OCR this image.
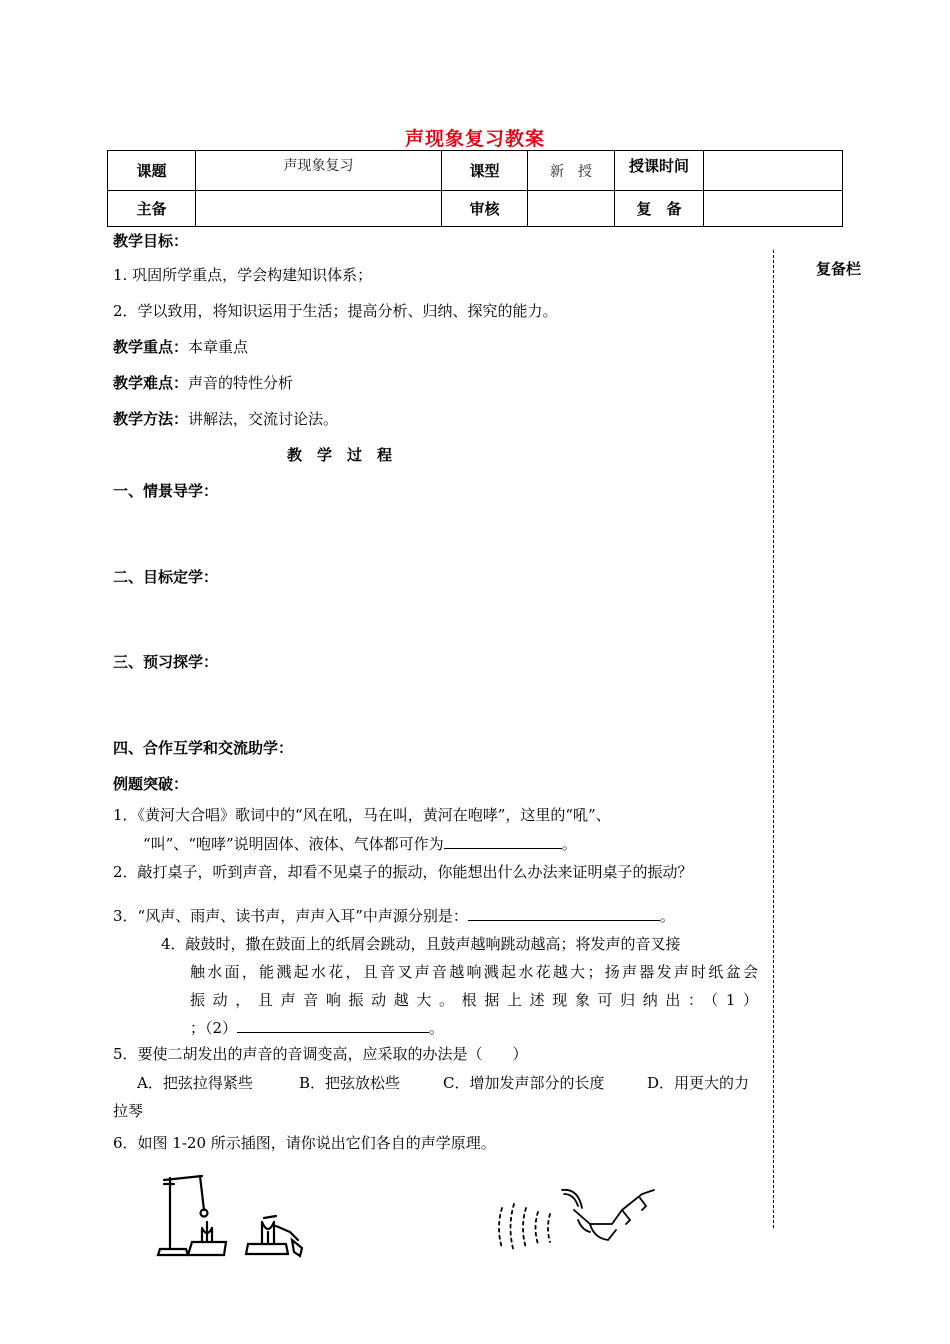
声现象复习教案
课题	声现象复习	课型	新　授	授课时间	
主备		审核		复　备	
复备栏
教学目标：
1. 巩固所学重点，学会构建知识体系；
2．学以致用，将知识运用于生活；提高分析、归纳、探究的能力。
教学重点：本章重点
教学难点：声音的特性分析
教学方法：讲解法，交流讨论法。
教　学　过　程
一、情景导学：
二、目标定学：
三、预习探学：
四、合作互学和交流助学：
例题突破：
1．《黄河大合唱》歌词中的“风在吼，马在叫，黄河在咆哮”，这里的“吼”、
“叫”、“咆哮”说明固体、液体、气体都可作为	。
2．敲打桌子，听到声音，却看不见桌子的振动，你能想出什么办法来证明桌子的振动？
3．“风声、雨声、读书声，声声入耳”中声源分别是：	。
4．敲鼓时，撒在鼓面上的纸屑会跳动，且鼓声越响跳动越高；将发声的音叉接
触水面，能溅起水花，且音叉声音越响溅起水花越大；扬声器发声时纸盆会
振动，且声音响振动越大。根据上述现象可归纳出：（1）
；（2）	。
5．要使二胡发出的声音的音调变高，应采取的办法是（　　）
A．把弦拉得紧些	B．把弦放松些	C．增加发声部分的长度	D．用更大的力
拉琴
6．如图 1-20 所示插图，请你说出它们各自的声学原理。
